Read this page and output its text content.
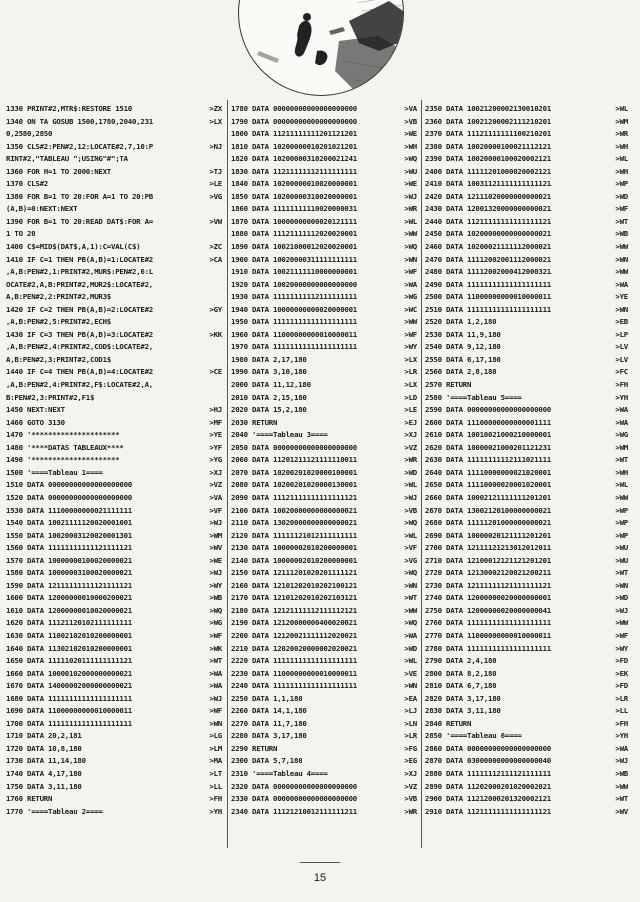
1330 PRINT#2,MTR$:RESTORE 1510	>ZX
1340 ON TA GOSUB 1500,1780,2040,231	>LX
0,2580,2850
1350 CLS#2:PEN#2,12:LOCATE#2,7,10:P	>NJ
RINT#2,"TABLEAU ";USING"#";TA
1360 FOR H=1 TO 2000:NEXT	>TJ
1370 CLS#2	>LE
1380 FOR B=1 TO 20:FOR A=1 TO 20:PB	>VG
(A,B)=0:NEXT:NEXT
1390 FOR B=1 TO 20:READ DAT$:FOR A=	>VW
1 TO 20
1400 C$=MID$(DAT$,A,1):C=VAL(C$)	>ZC
1410 IF C=1 THEN PB(A,B)=1:LOCATE#2	>CA
,A,B:PEN#2,1:PRINT#2,MUR$:PEN#2,6:L
OCATE#2,A,B:PRINT#2,MUR2$:LOCATE#2,
A,B:PEN#2,2:PRINT#2,MUR3$
1420 IF C=2 THEN PB(A,B)=2:LOCATE#2	>GY
,A,B:PEN#2,5:PRINT#2,ECH$
1430 IF C=3 THEN PB(A,B)=3:LOCATE#2	>KK
,A,B:PEN#2,4:PRINT#2,COD$:LOCATE#2,
A,B:PEN#2,3:PRINT#2,COD1$
1440 IF C=4 THEN PB(A,B)=4:LOCATE#2	>CE
,A,B:PEN#2,4:PRINT#2,F$:LOCATE#2,A,
B:PEN#2,3:PRINT#2,F1$
1450 NEXT:NEXT	>HJ
1460 GOTO 3130	>MF
1470 '*********************	>YE
1480 '****DATAS TABLEAUX****	>YF
1490 '*********************	>YG
1500 '====Tableau 1====	>XJ
1510 DATA 00000000000000000000	>VZ
1520 DATA 00000000000000000000	>VA
1530 DATA 11100000000021111111	>VF
1540 DATA 10021111120020001001	>WJ
1550 DATA 10020003120020001301	>WM
1560 DATA 11111111111121111121	>WV
1570 DATA 10000000100020000021	>WE
1580 DATA 10000003100020000021	>WJ
1590 DATA 12111111111121111121	>WY
1600 DATA 12000000010000200021	>WB
1610 DATA 12000000010020000021	>WQ
1620 DATA 11121120102111111111	>WG
1630 DATA 11002102010200000001	>WF
1640 DATA 11302102010200000001	>WK
1650 DATA 11111020111111111121	>WT
1660 DATA 10000102000000000021	>WA
1670 DATA 14000002000000000021	>WA
1680 DATA 11111111111111111111	>WJ
1690 DATA 11000000000010000011	>WF
1700 DATA 11111111111111111111	>WN
1710 DATA 20,2,181	>LG
1720 DATA 10,8,180	>LM
1730 DATA 11,14,180	>MA
1740 DATA 4,17,180	>LT
1750 DATA 3,11,180	>LL
1760 RETURN	>FH
1770 '====Tableau 2====	>YH
1780 DATA 00000000000000000000	>VA
1790 DATA 00000000000000000000	>VB
1800 DATA 11211111111201121201	>WE
1810 DATA 10200000010201021201	>WH
1820 DATA 10200000310200021241	>WQ
1830 DATA 11211111112111111111	>WU
1840 DATA 10200000010020000001	>WE
1850 DATA 10200000310020000001	>WJ
1860 DATA 11111111110020000031	>WR
1870 DATA 10000000000020121111	>WL
1880 DATA 11121111112020020001	>WW
1890 DATA 10021000012020020001	>WQ
1900 DATA 10020000311111111111	>WN
1910 DATA 10021111110000000001	>WF
1920 DATA 10020000000000000000	>WA
1930 DATA 11111111112111111111	>WG
1940 DATA 10000000000020000001	>WC
1950 DATA 11111111111111111111	>WW
1960 DATA 11000000000010000011	>WF
1970 DATA 11111111111111111111	>WY
1980 DATA 2,17,180	>LX
1990 DATA 3,10,180	>LR
2000 DATA 11,12,180	>LX
2010 DATA 2,15,180	>LD
2020 DATA 15,2,180	>LE
2030 RETURN	>EJ
2040 '====Tableau 3====	>XJ
2050 DATA 00000000000000000000	>VZ
2060 DATA 11201211121111110011	>WR
2070 DATA 10200201020000100001	>WD
2080 DATA 10200201020000130001	>WL
2090 DATA 11121111111111111121	>WJ
2100 DATA 10020000000000000021	>VB
2110 DATA 13020000000000000021	>WQ
2120 DATA 11111121012111111111	>WL
2130 DATA 10000002010200000001	>VF
2140 DATA 10000002010200000001	>VG
2150 DATA 12111201020201111121	>WQ
2160 DATA 12101202010202100121	>WN
2170 DATA 12101202010202103121	>WT
2180 DATA 12121111112111112121	>WW
2190 DATA 12120000000400020021	>WQ
2200 DATA 12120021111112020021	>WA
2210 DATA 12020020000002020021	>WD
2220 DATA 11111111111111111111	>WL
2230 DATA 11000000000010000011	>VE
2240 DATA 11111111111111111111	>WN
2250 DATA 1,1,180	>EA
2260 DATA 14,1,180	>LJ
2270 DATA 11,7,180	>LN
2280 DATA 3,17,180	>LR
2290 RETURN	>FG
2300 DATA 5,7,180	>EG
2310 '====Tableau 4====	>XJ
2320 DATA 00000000000000000000	>VZ
2330 DATA 00000000000000000000	>VB
2340 DATA 11121210012111111211	>WR
2350 DATA 10021200002130010201	>WL
2360 DATA 10021200002111210201	>WM
2370 DATA 11121111111100210201	>WR
2380 DATA 10020000100021112121	>WH
2390 DATA 10020000100020002121	>WL
2400 DATA 11111201000020002121	>WH
2410 DATA 10031121111111111121	>WP
2420 DATA 12111020000000000021	>WD
2430 DATA 12001320000000000021	>WF
2440 DATA 11211111111111111121	>WT
2450 DATA 10200000000000000021	>WB
2460 DATA 10200021111112000021	>WW
2470 DATA 11112002001112000021	>WN
2480 DATA 11112002000412000321	>WW
2490 DATA 11111111111111111111	>WA
2500 DATA 11000000000010000011	>YE
2510 DATA 11111111111111111111	>WN
2520 DATA 1,2,180	>EB
2530 DATA 11,9,180	>LP
2540 DATA 9,12,180	>LV
2550 DATA 6,17,180	>LV
2560 DATA 2,8,180	>FC
2570 RETURN	>FH
2580 '====Tableau 5====	>YH
2590 DATA 00000000000000000000	>WA
2600 DATA 11100000000000001111	>WA
2610 DATA 10010021000210000001	>WG
2620 DATA 10000021000201121231	>WM
2630 DATA 11111111112111021111	>WT
2640 DATA 11110000000021020001	>WH
2650 DATA 11110000020001020001	>WL
2660 DATA 10002121111111201201	>WW
2670 DATA 13002120100000000021	>WP
2680 DATA 11111201000000000021	>WP
2690 DATA 10000020121111201201	>WP
2700 DATA 12111121213012012011	>WU
2710 DATA 12100012121121201201	>WU
2720 DATA 12130002120021200211	>WT
2730 DATA 12111111121111111121	>WN
2740 DATA 12000000020000000001	>WD
2750 DATA 12000000020000000041	>WJ
2760 DATA 11111111111111111111	>WW
2770 DATA 11000000000010000011	>WF
2780 DATA 11111111111111111111	>WY
2790 DATA 2,4,180	>FD
2800 DATA 8,2,180	>EK
2810 DATA 6,7,180	>FD
2820 DATA 3,17,180	>LR
2830 DATA 3,11,180	>LL
2840 RETURN	>FH
2850 '====Tableau 6====	>YH
2860 DATA 00000000000000000000	>WA
2870 DATA 03000000000000000040	>WJ
2880 DATA 11111112111121111111	>WB
2890 DATA 11202000201020002021	>WW
2900 DATA 11212000201320002121	>WT
2910 DATA 11211111111111111121	>WV
15
